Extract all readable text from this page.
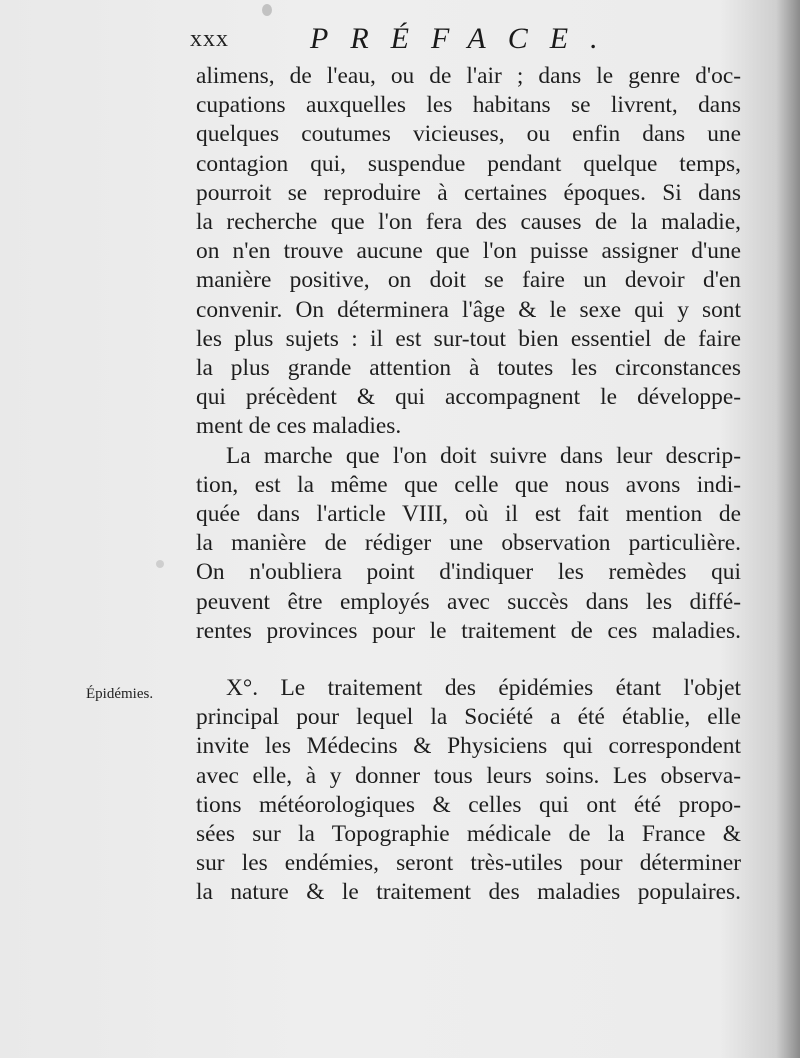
xxx	PRÉFACE.
Épidémies.
alimens, de l'eau, ou de l'air ; dans le genre d'oc-
cupations auxquelles les habitans se livrent, dans
quelques coutumes vicieuses, ou enfin dans une
contagion qui, suspendue pendant quelque temps,
pourroit se reproduire à certaines époques. Si dans
la recherche que l'on fera des causes de la maladie,
on n'en trouve aucune que l'on puisse assigner d'une
manière positive, on doit se faire un devoir d'en
convenir. On déterminera l'âge & le sexe qui y sont
les plus sujets : il est sur-tout bien essentiel de faire
la plus grande attention à toutes les circonstances
qui précèdent & qui accompagnent le développe-
ment de ces maladies.
La marche que l'on doit suivre dans leur descrip-
tion, est la même que celle que nous avons indi-
quée dans l'article VIII, où il est fait mention de
la manière de rédiger une observation particulière.
On n'oubliera point d'indiquer les remèdes qui
peuvent être employés avec succès dans les diffé-
rentes provinces pour le traitement de ces maladies.
X°. Le traitement des épidémies étant l'objet
principal pour lequel la Société a été établie, elle
invite les Médecins & Physiciens qui correspondent
avec elle, à y donner tous leurs soins. Les observa-
tions météorologiques & celles qui ont été propo-
sées sur la Topographie médicale de la France &
sur les endémies, seront très-utiles pour déterminer
la nature & le traitement des maladies populaires.
